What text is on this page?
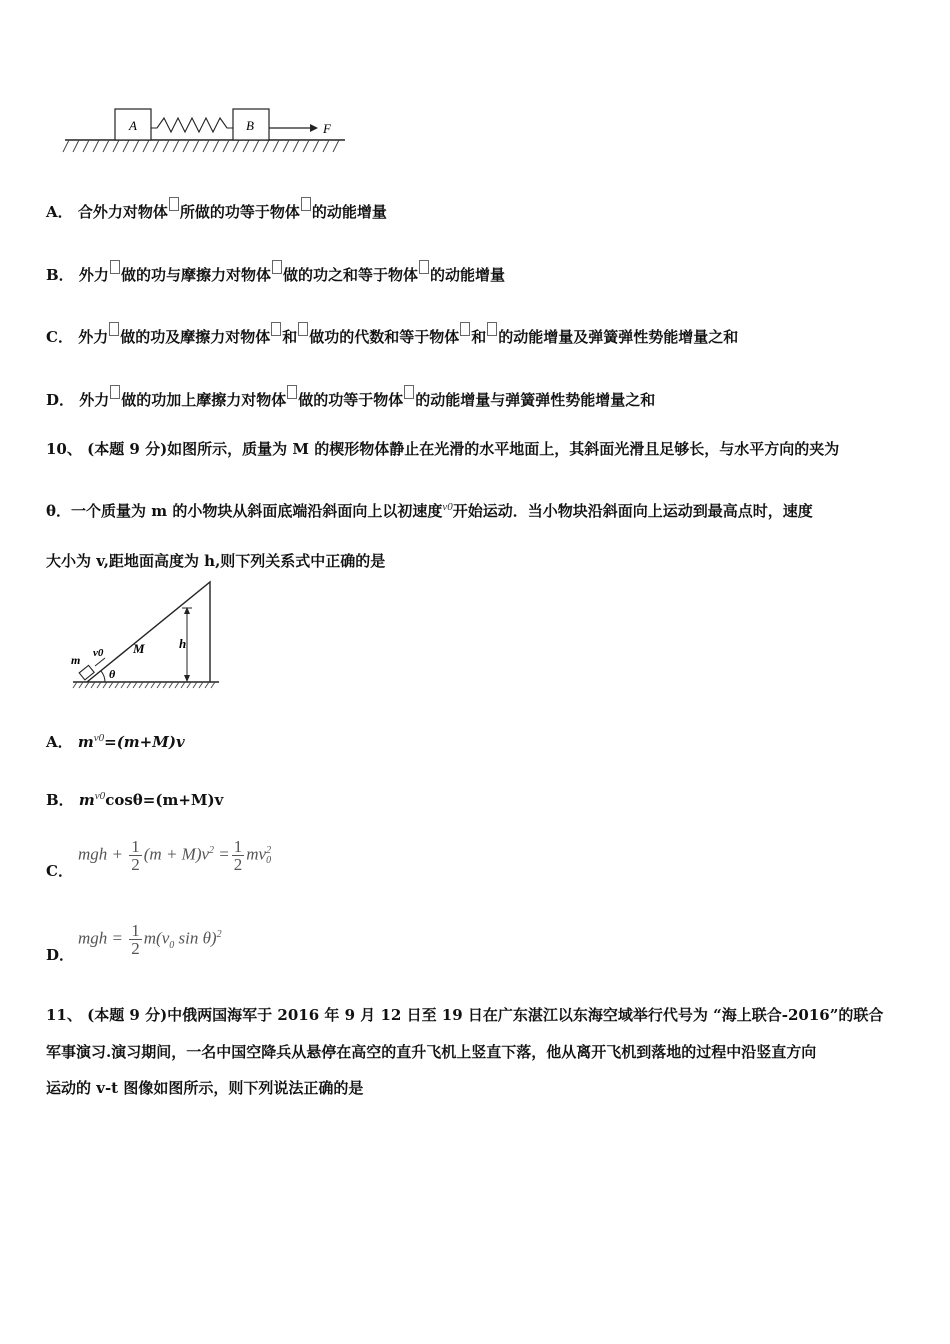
A	B	F
A． 合外力对物体 所做的功等于物体 的动能增量
B． 外力 做的功与摩擦力对物体 做的功之和等于物体 的动能增量
C． 外力 做的功及摩擦力对物体 和 做功的代数和等于物体 和 的动能增量及弹簧弹性势能增量之和
D． 外力 做的功加上摩擦力对物体 做的功等于物体 的动能增量与弹簧弹性势能增量之和
10、 (本题 9 分)如图所示，质量为 M 的楔形物体静止在光滑的水平地面上，其斜面光滑且足够长，与水平方向的夹为
θ．一个质量为 m 的小物块从斜面底端沿斜面向上以初速度$^{v0}$开始运动．当小物块沿斜面向上运动到最高点时，速度
大小为 v,距地面高度为 h,则下列关系式中正确的是
m v0 M	h
θ
A． $m^{v0}=(m+M)v$
B． $m^{v0}\cos\theta=(m+M)v$
C．
mgh + $\frac{1}{2} (m + M)v^2 = \frac{1}{2}$ mv 2
0
D．
mgh = $\frac{1}{2} m(v_0$ sin θ)$^2$
11、 (本题 9 分)中俄两国海军于 2016 年 9 月 12 日至 19 日在广东湛江以东海空域举行代号为 “海上联合-2016”的联合
军事演习.演习期间，一名中国空降兵从悬停在高空的直升飞机上竖直下落，他从离开飞机到落地的过程中沿竖直方向
运动的 v-t 图像如图所示，则下列说法正确的是
